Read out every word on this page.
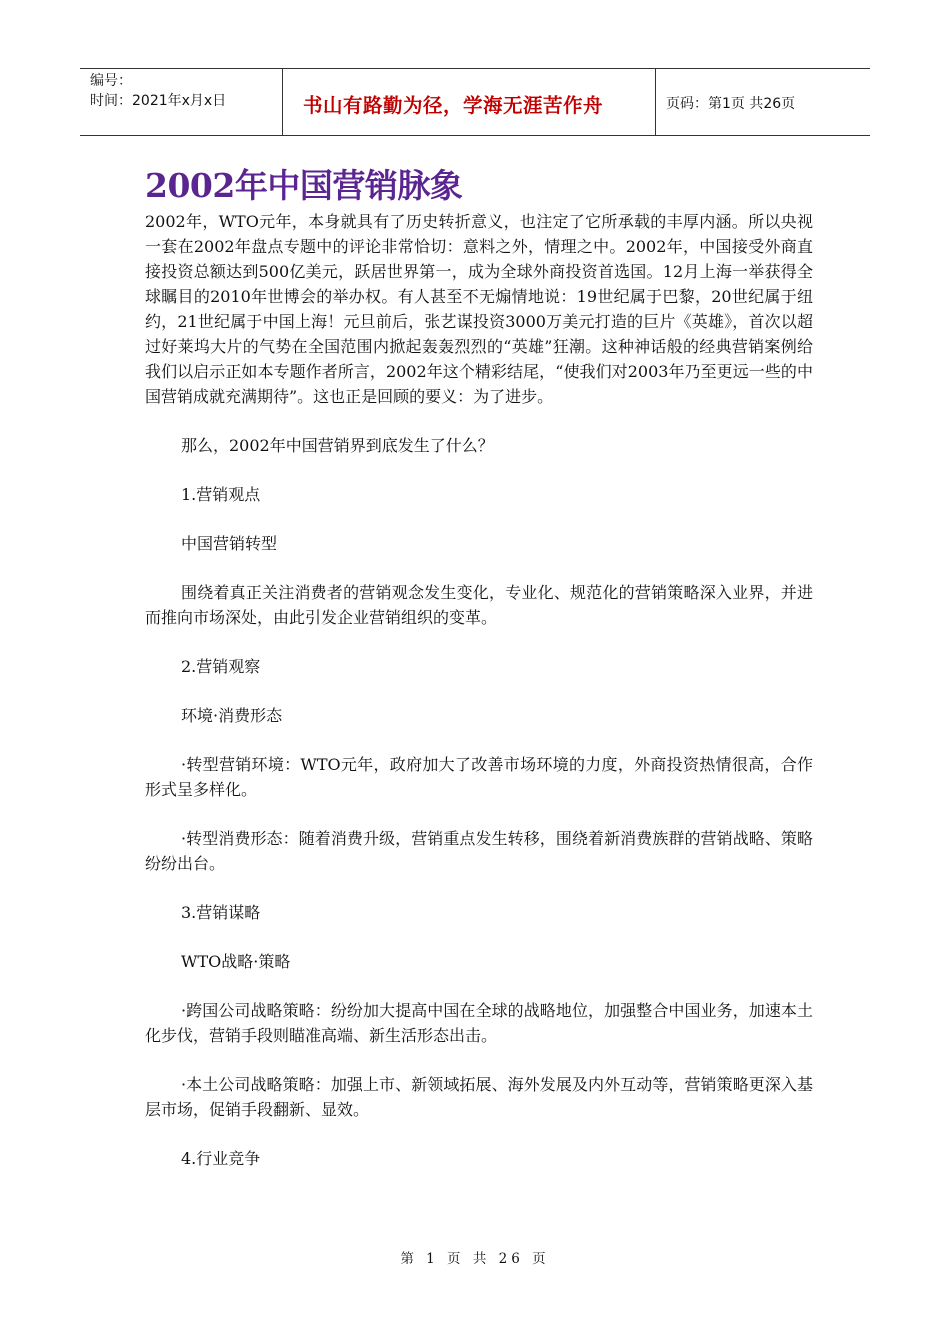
编号：
时间：2021年x月x日	书山有路勤为径，学海无涯苦作舟	页码：第1页 共26页
2002年中国营销脉象

2002年，WTO元年，本身就具有了历史转折意义，也注定了它所承载的丰厚内涵。所以央视一套在2002年盘点专题中的评论非常恰切：意料之外，情理之中。2002年，中国接受外商直接投资总额达到500亿美元，跃居世界第一，成为全球外商投资首选国。12月上海一举获得全球瞩目的2010年世博会的举办权。有人甚至不无煽情地说：19世纪属于巴黎，20世纪属于纽约，21世纪属于中国上海！元旦前后，张艺谋投资3000万美元打造的巨片《英雄》，首次以超过好莱坞大片的气势在全国范围内掀起轰轰烈烈的“英雄”狂潮。这种神话般的经典营销案例给我们以启示正如本专题作者所言，2002年这个精彩结尾，“使我们对2003年乃至更远一些的中国营销成就充满期待”。这也正是回顾的要义：为了进步。

那么，2002年中国营销界到底发生了什么？

1.营销观点

中国营销转型

围绕着真正关注消费者的营销观念发生变化，专业化、规范化的营销策略深入业界，并进而推向市场深处，由此引发企业营销组织的变革。

2.营销观察

环境·消费形态

·转型营销环境：WTO元年，政府加大了改善市场环境的力度，外商投资热情很高，合作形式呈多样化。

·转型消费形态：随着消费升级，营销重点发生转移，围绕着新消费族群的营销战略、策略纷纷出台。

3.营销谋略

WTO战略·策略

·跨国公司战略策略：纷纷加大提高中国在全球的战略地位，加强整合中国业务，加速本土化步伐，营销手段则瞄准高端、新生活形态出击。

·本土公司战略策略：加强上市、新领域拓展、海外发展及内外互动等，营销策略更深入基层市场，促销手段翻新、显效。

4.行业竞争

第 1 页 共 26 页
